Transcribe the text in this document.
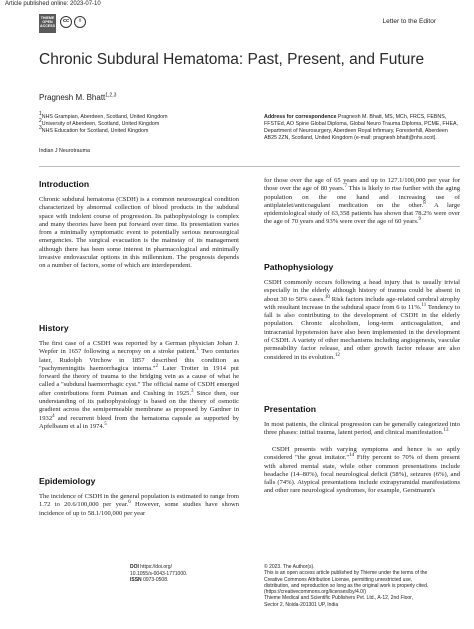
Article published online: 2023-07-10
THIEME
OPEN
ACCESS
cc i	Letter to the Editor
Chronic Subdural Hematoma: Past, Present, and Future
Pragnesh M. Bhatt$^{1,2,3}$
$^1$NHS Grampian, Aberdeen, Scotland, United Kingdom
$^2$University of Aberdeen, Scotland, United Kingdom
$^3$NHS Education for Scotland, United Kingdom
Indian J Neurotrauma
Address for correspondence Pragnesh M. Bhatt, MS, MCh, FRCS, FEBNS, FFSTEd, AO Spine Global Diploma, Global Neuro Trauma Diploma, PCME, FHEA, Department of Neurosurgery, Aberdeen Royal Infirmary, Foresterhill, Aberdeen AB25 2ZN, Scotland, United Kingdom (e-mail: pragnesh.bhatt@nhs.scot).
Introduction
Chronic subdural hematoma (CSDH) is a common neurosurgical condition characterized by abnormal collection of blood products in the subdural space with indolent course of progression. Its pathophysiology is complex and many theories have been put forward over time. Its presentation varies from a minimally symptomatic event to potentially serious neurosurgical emergencies. The surgical evacuation is the mainstay of its management although there has been some interest in pharmacological and minimally invasive endovascular options in this millennium. The prognosis depends on a number of factors, some of which are interdependent.
History
The first case of a CSDH was reported by a German physician Johan J. Wepfer in 1657 following a necropsy on a stroke patient.$^1$ Two centuries later, Rudolph Virchow in 1857 described this condition as "pachymeningitis haemorrhagica interna."$^2$ Later Trotter in 1914 put forward the theory of trauma to the bridging vein as a cause of what he called a "subdural haemorrhagic cyst." The official name of CSDH emerged after contributions form Putman and Cushing in 1925.$^3$ Since then, our understanding of its pathophysiology is based on the theory of osmotic gradient across the semipermeable membrane as proposed by Gardner in 1932$^4$ and recurrent bleed from the hematoma capsule as supported by Apfelbaum et al in 1974.$^5$
Epidemiology
The incidence of CSDH in the general population is estimated to range from 1.72 to 20.6/100,000 per year.$^6$ However, some studies have shown incidence of up to 58.1/100,000 per year
for those over the age of 65 years and up to 127.1/100,000 per year for those over the age of 80 years.$^7$ This is likely to rise further with the aging population on the one hand and increasing use of antiplatelet/anticoagulant medication on the other.$^8$ A large epidemiological study of 63,358 patients has shown that 78.2% were over the age of 70 years and 93% were over the age of 60 years.$^9$
Pathophysiology
CSDH commonly occurs following a head injury that is usually trivial especially in the elderly although history of trauma could be absent in about 30 to 50% cases.$^{10}$ Risk factors include age-related cerebral atrophy with resultant increase in the subdural space from 6 to 11%.$^{11}$ Tendency to fall is also contributing to the development of CSDH in the elderly population. Chronic alcoholism, long-term anticoagulation, and intracranial hypotension have also been implemented in the development of CSDH. A variety of other mechanisms including angiogenesis, vascular permeability factor release, and other growth factor release are also considered in its evolution.$^{12}$
Presentation
In most patients, the clinical progression can be generally categorized into three phases: initial trauma, latent period, and clinical manifestation.$^{13}$
CSDH presents with varying symptoms and hence is so aptly considered "the great imitator."$^{14}$ Fifty percent to 70% of them present with altered mental state, while other common presentations include headache (14–80%), focal neurological deficit (58%), seizures (6%), and falls (74%). Atypical presentations include extrapyramidal manifestations and other rare neurological syndromes, for example, Gerstmann's
DOI https://doi.org/
10.1055/s-0043-1771000.
ISSN 0973-0508.
© 2023. The Author(s).
This is an open access article published by Thieme under the terms of the
Creative Commons Attribution License, permitting unrestricted use,
distribution, and reproduction so long as the original work is properly cited.
(https://creativecommons.org/licenses/by/4.0/)
Thieme Medical and Scientific Publishers Pvt. Ltd., A-12, 2nd Floor,
Sector 2, Noida-201301 UP, India
